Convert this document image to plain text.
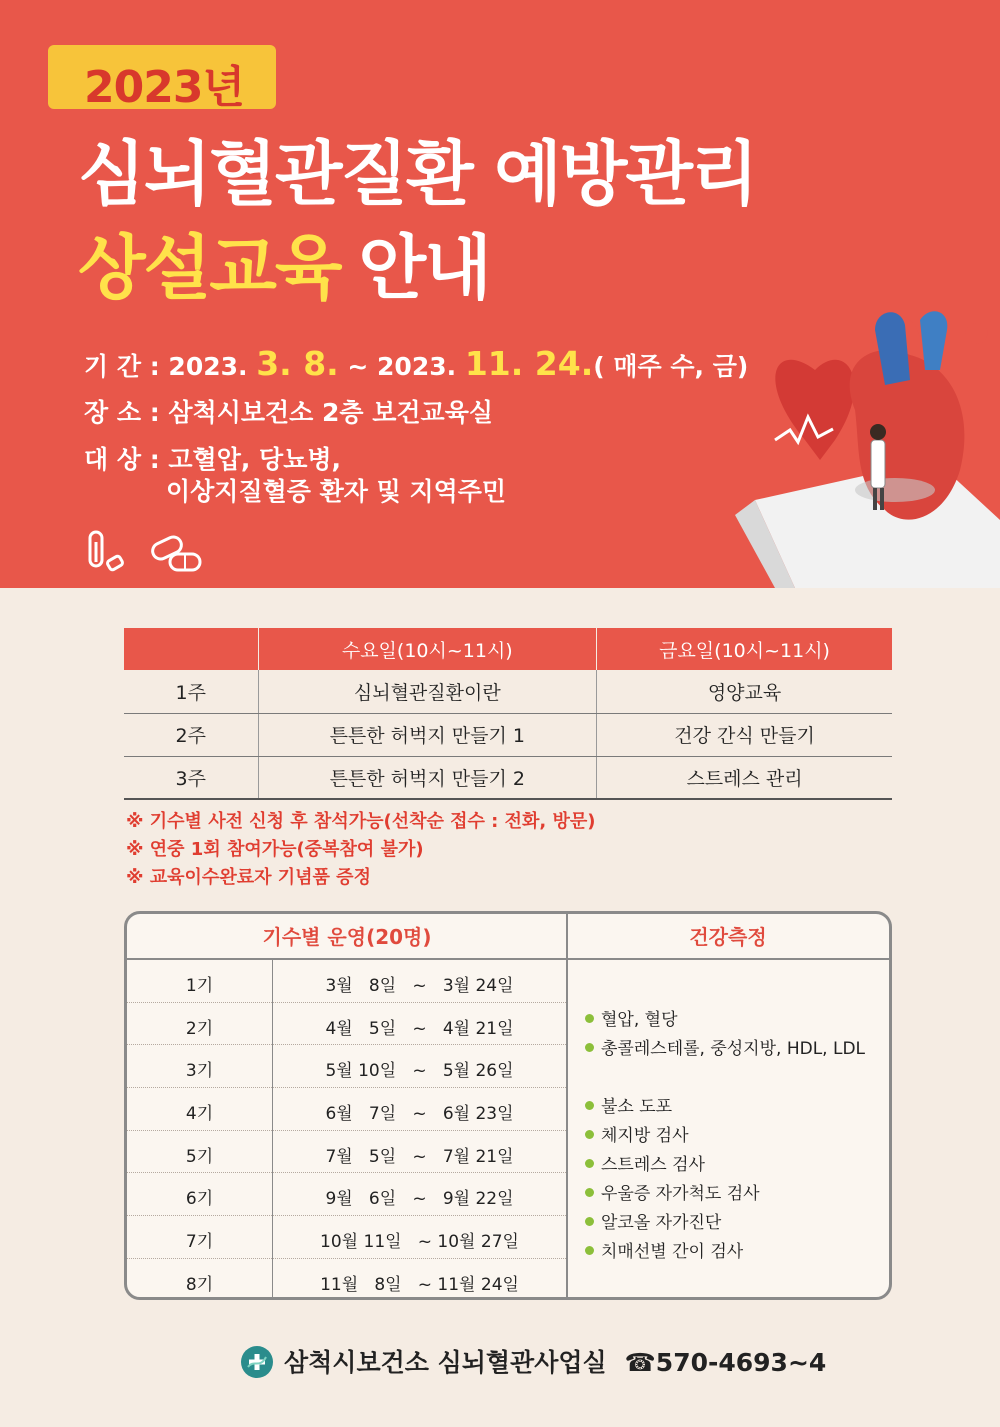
2023년
심뇌혈관질환 예방관리
상설교육 안내
기 간 : 2023. 3. 8. ~ 2023. 11. 24.( 매주 수, 금)
장 소 : 삼척시보건소 2층 보건교육실
대 상 : 고혈압, 당뇨병,
이상지질혈증 환자 및 지역주민
	수요일(10시~11시)	금요일(10시~11시)
1주	심뇌혈관질환이란	영양교육
2주	튼튼한 허벅지 만들기 1	건강 간식 만들기
3주	튼튼한 허벅지 만들기 2	스트레스 관리
※ 기수별 사전 신청 후 참석가능(선착순 접수 : 전화, 방문)
※ 연중 1회 참여가능(중복참여 불가)
※ 교육이수완료자 기념품 증정
기수별 운영(20명)	건강측정
1기	3월   8일   ~   3월 24일
2기	4월   5일   ~   4월 21일
3기	5월 10일   ~   5월 26일
4기	6월   7일   ~   6월 23일
5기	7월   5일   ~   7월 21일
6기	9월   6일   ~   9월 22일
7기	10월 11일   ~ 10월 27일
8기	11월   8일   ~ 11월 24일
혈압, 혈당
총콜레스테롤, 중성지방, HDL, LDL
불소 도포
체지방 검사
스트레스 검사
우울증 자가척도 검사
알코올 자가진단
치매선별 간이 검사
삼척시보건소 심뇌혈관사업실 ☎570-4693~4
